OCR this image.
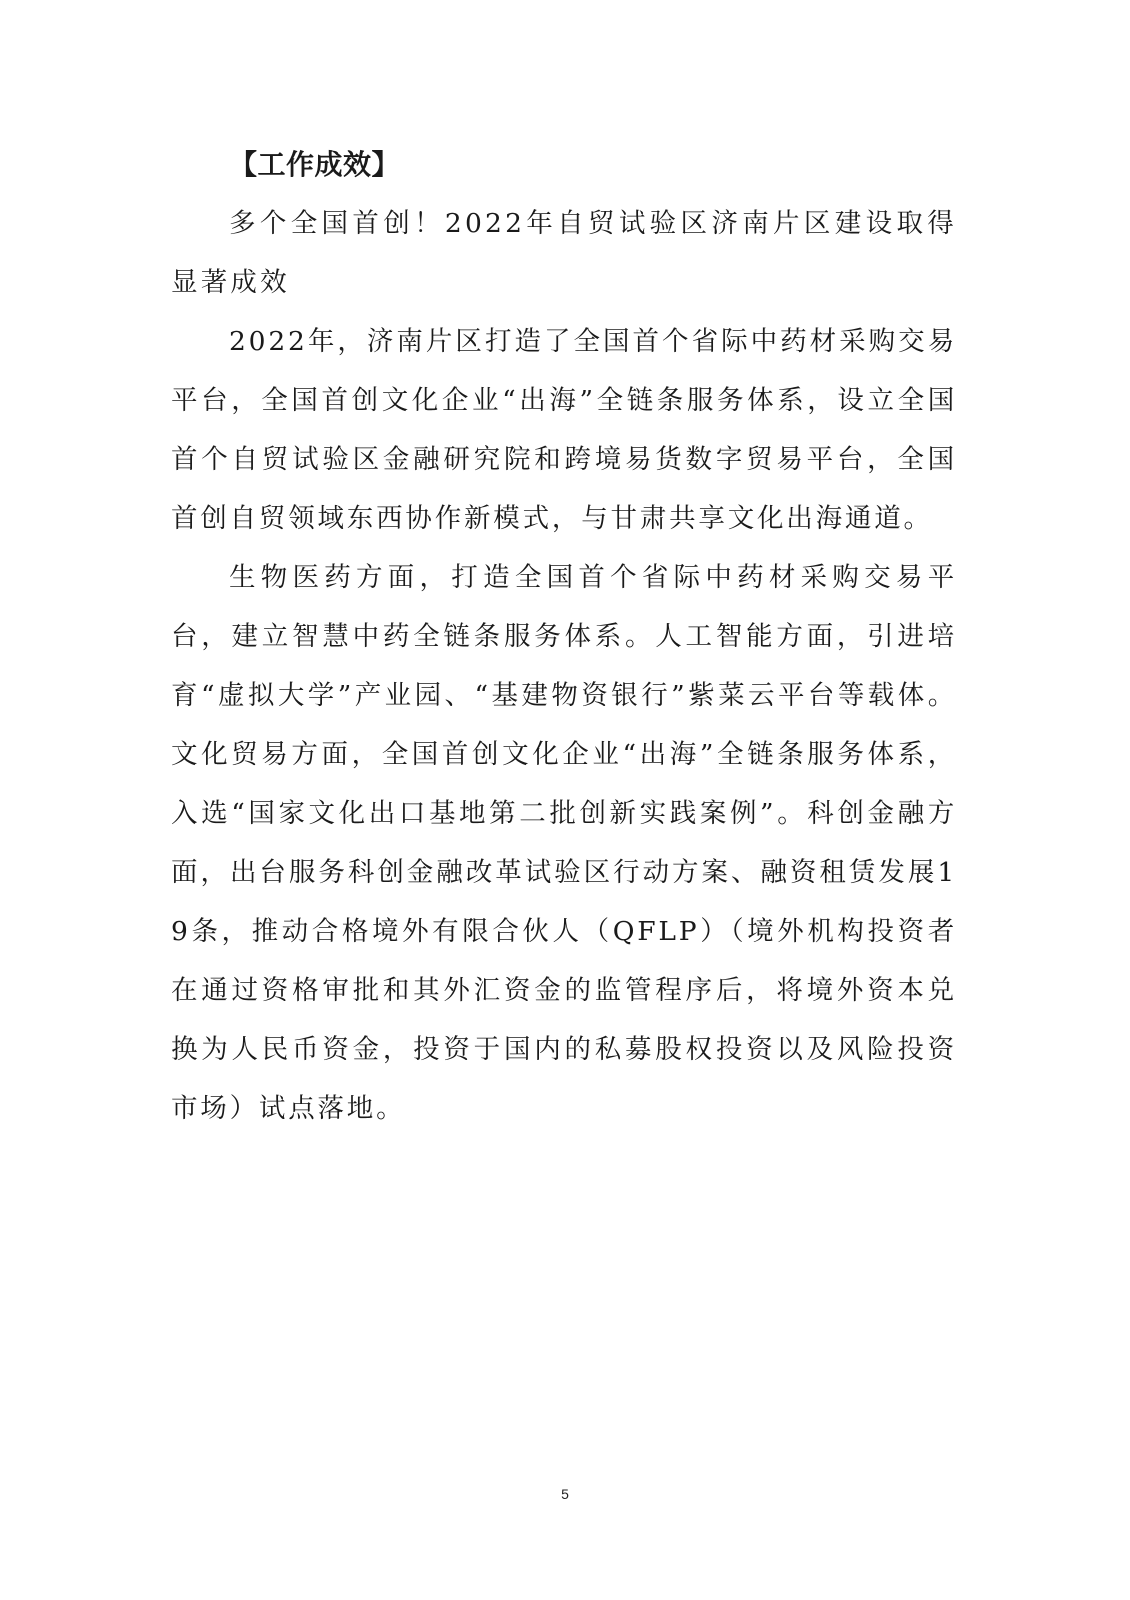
【工作成效】

多个全国首创！2022年自贸试验区济南片区建设取得显著成效

2022年，济南片区打造了全国首个省际中药材采购交易平台，全国首创文化企业“出海”全链条服务体系，设立全国首个自贸试验区金融研究院和跨境易货数字贸易平台，全国首创自贸领域东西协作新模式，与甘肃共享文化出海通道。

生物医药方面，打造全国首个省际中药材采购交易平台，建立智慧中药全链条服务体系。人工智能方面，引进培育“虚拟大学”产业园、“基建物资银行”紫菜云平台等载体。文化贸易方面，全国首创文化企业“出海”全链条服务体系，入选“国家文化出口基地第二批创新实践案例”。科创金融方面，出台服务科创金融改革试验区行动方案、融资租赁发展19条，推动合格境外有限合伙人（QFLP）（境外机构投资者在通过资格审批和其外汇资金的监管程序后，将境外资本兑换为人民币资金，投资于国内的私募股权投资以及风险投资市场）试点落地。

5
